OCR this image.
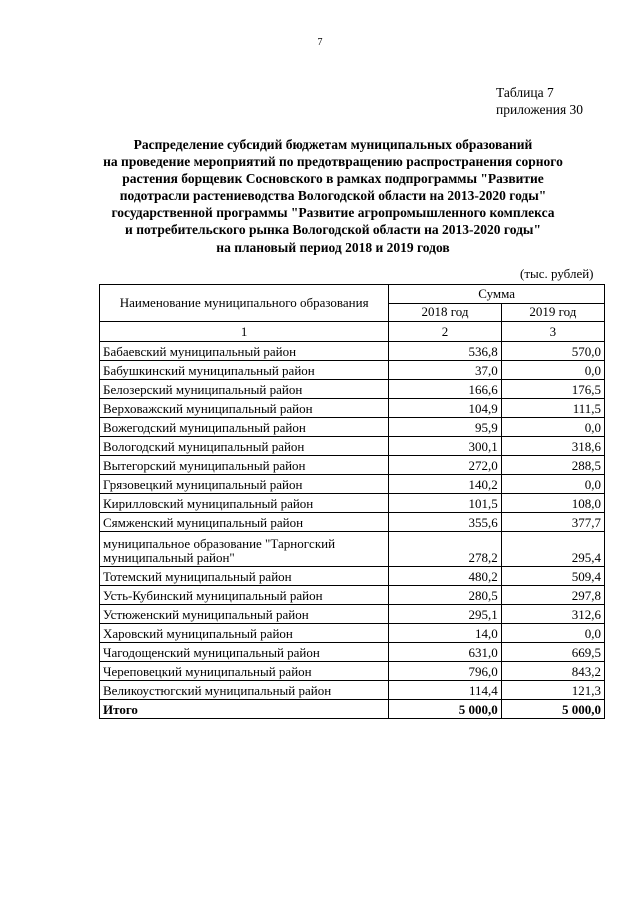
7
Таблица 7
приложения 30
Распределение субсидий бюджетам муниципальных образований
на проведение мероприятий по предотвращению распространения сорного
растения борщевик Сосновского в рамках подпрограммы "Развитие
подотрасли растениеводства Вологодской области на 2013-2020 годы"
государственной программы "Развитие агропромышленного комплекса
и потребительского рынка Вологодской области на 2013-2020 годы"
на плановый период 2018 и 2019 годов
(тыс. рублей)
Наименование муниципального образования	Сумма	
	2018 год	2019 год
1	2	3
Бабаевский муниципальный район	536,8	570,0
Бабушкинский муниципальный район	37,0	0,0
Белозерский муниципальный район	166,6	176,5
Верховажский муниципальный район	104,9	111,5
Вожегодский муниципальный район	95,9	0,0
Вологодский муниципальный район	300,1	318,6
Вытегорский муниципальный район	272,0	288,5
Грязовецкий муниципальный район	140,2	0,0
Кирилловский муниципальный район	101,5	108,0
Сямженский муниципальный район	355,6	377,7
муниципальное образование "Тарногский муниципальный район"	278,2	295,4
Тотемский муниципальный район	480,2	509,4
Усть-Кубинский муниципальный район	280,5	297,8
Устюженский муниципальный район	295,1	312,6
Харовский муниципальный район	14,0	0,0
Чагодощенский муниципальный район	631,0	669,5
Череповецкий муниципальный район	796,0	843,2
Великоустюгский муниципальный район	114,4	121,3
Итого	5 000,0	5 000,0
